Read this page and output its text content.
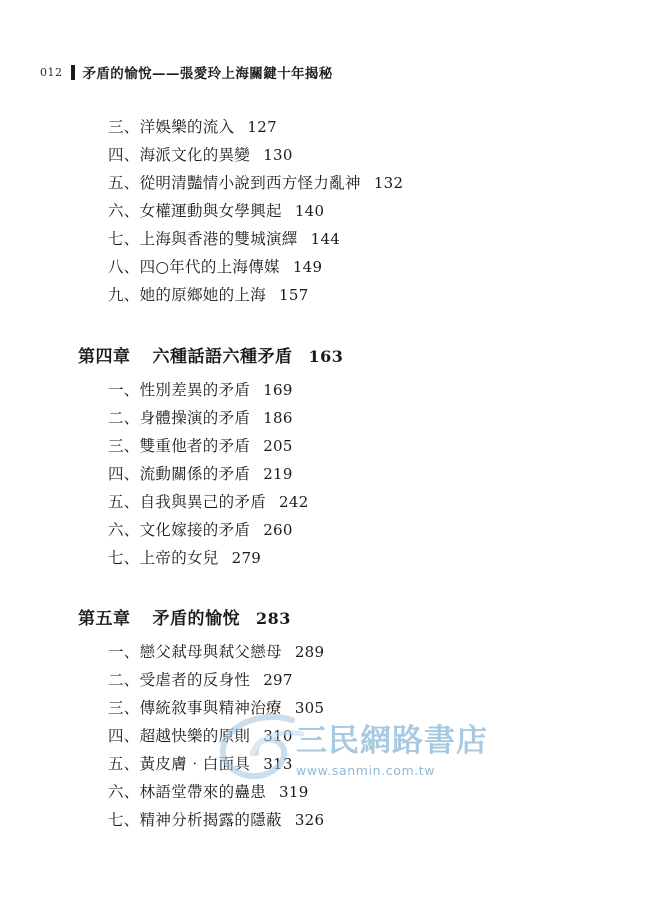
012 矛盾的愉悅——張愛玲上海關鍵十年揭秘
三、洋娛樂的流入 127
四、海派文化的異變 130
五、從明清豔情小說到西方怪力亂神 132
六、女權運動與女學興起 140
七、上海與香港的雙城演繹 144
八、四○年代的上海傳媒 149
九、她的原鄉她的上海 157
第四章 六種話語六種矛盾 163
一、性別差異的矛盾 169
二、身體操演的矛盾 186
三、雙重他者的矛盾 205
四、流動關係的矛盾 219
五、自我與異己的矛盾 242
六、文化嫁接的矛盾 260
七、上帝的女兒 279
第五章 矛盾的愉悅 283
一、戀父弒母與弒父戀母 289
二、受虐者的反身性 297
三、傳統敘事與精神治療 305
四、超越快樂的原則 310
五、黃皮膚‧白面具 313
六、林語堂帶來的蠱患 319
七、精神分析揭露的隱蔽 326
三民網路書店
www.sanmin.com.tw
